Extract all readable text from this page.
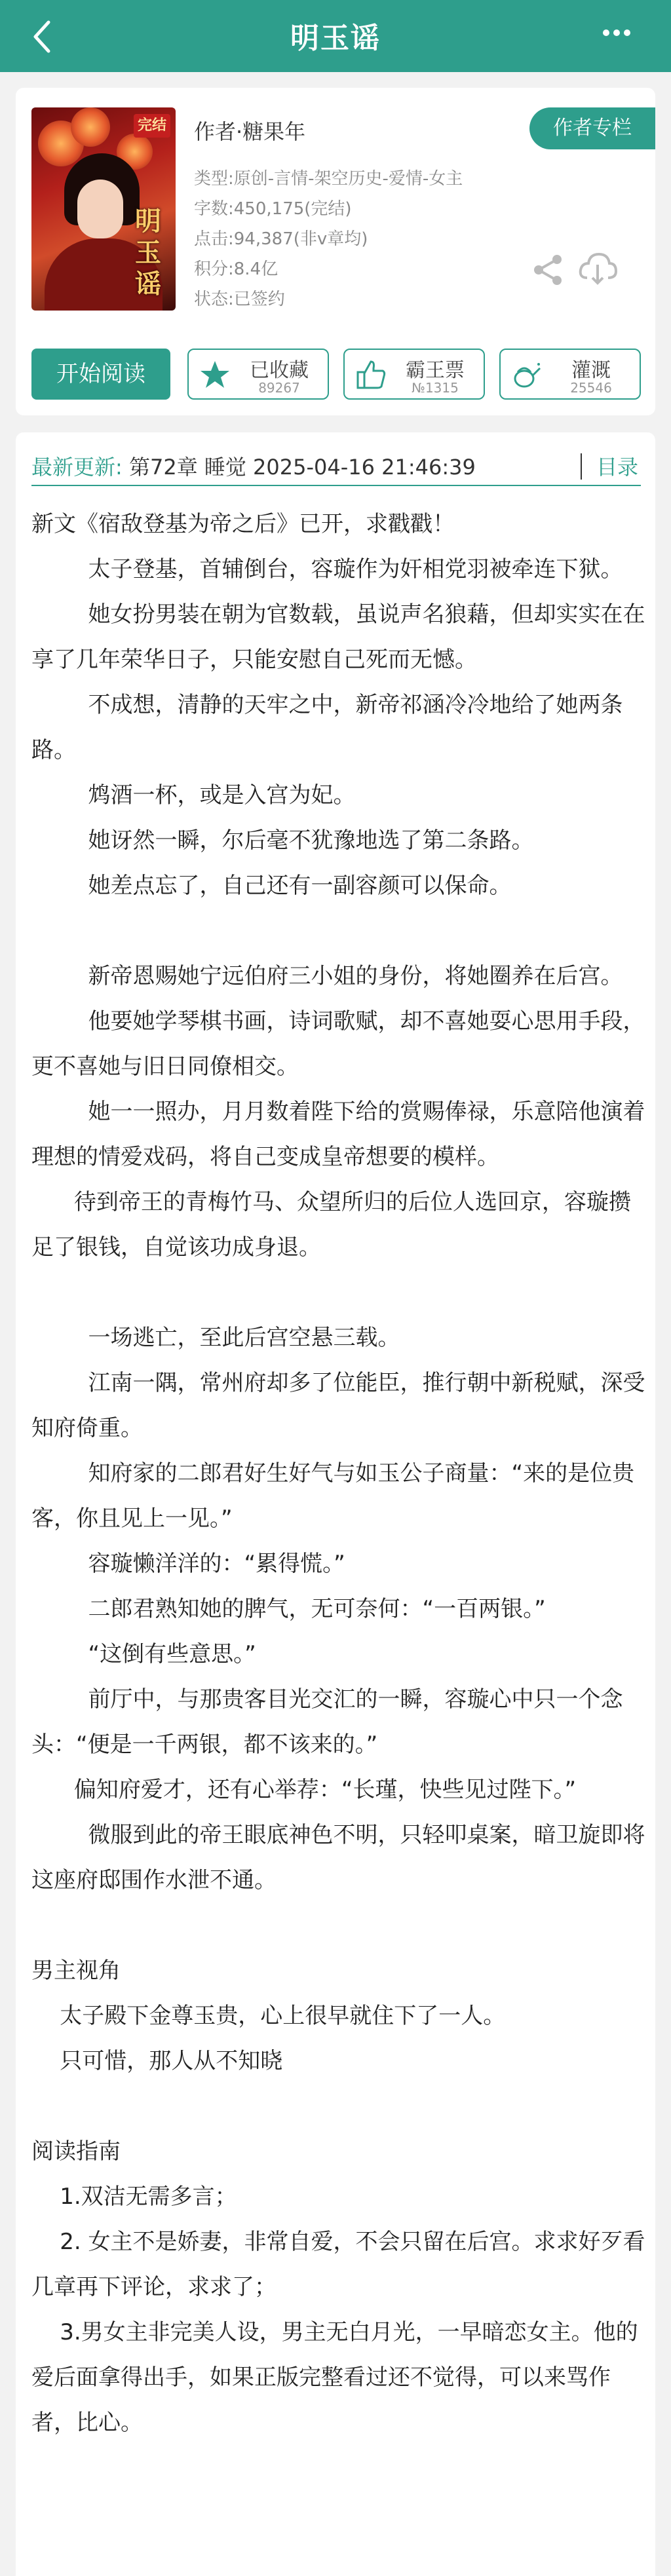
明玉谣
明玉谣
完结 作者·糖果年	作者专栏
类型:原创-言情-架空历史-爱情-女主
字数:450,175(完结)
点击:94,387(非v章均)
积分:8.4亿
状态:已签约
开始阅读	已收藏
89267
霸王票
№1315
灌溉
25546
最新更新: 第72章 睡觉 2025-04-16 21:46:39	目录

新文《宿敌登基为帝之后》已开，求戳戳！

太子登基，首辅倒台，容璇作为奸相党羽被牵连下狱。

她女扮男装在朝为官数载，虽说声名狼藉，但却实实在在享了几年荣华日子，只能安慰自己死而无憾。

不成想，清静的天牢之中，新帝祁涵冷冷地给了她两条路。

鸩酒一杯，或是入宫为妃。

她讶然一瞬，尔后毫不犹豫地选了第二条路。

她差点忘了，自己还有一副容颜可以保命。

新帝恩赐她宁远伯府三小姐的身份，将她圈养在后宫。

他要她学琴棋书画，诗词歌赋，却不喜她耍心思用手段，更不喜她与旧日同僚相交。

她一一照办，月月数着陛下给的赏赐俸禄，乐意陪他演着理想的情爱戏码，将自己变成皇帝想要的模样。

待到帝王的青梅竹马、众望所归的后位人选回京，容璇攒足了银钱，自觉该功成身退。

一场逃亡，至此后宫空悬三载。

江南一隅，常州府却多了位能臣，推行朝中新税赋，深受知府倚重。

知府家的二郎君好生好气与如玉公子商量：“来的是位贵客，你且见上一见。”

容璇懒洋洋的：“累得慌。”

二郎君熟知她的脾气，无可奈何：“一百两银。”

“这倒有些意思。”

前厅中，与那贵客目光交汇的一瞬，容璇心中只一个念头：“便是一千两银，都不该来的。”

偏知府爱才，还有心举荐：“长瑾，快些见过陛下。”

微服到此的帝王眼底神色不明，只轻叩桌案，暗卫旋即将这座府邸围作水泄不通。

男主视角

太子殿下金尊玉贵，心上很早就住下了一人。

只可惜，那人从不知晓

阅读指南

1.双洁无需多言；

2. 女主不是娇妻，非常自爱，不会只留在后宫。求求好歹看几章再下评论，求求了；

3.男女主非完美人设，男主无白月光，一早暗恋女主。他的爱后面拿得出手，如果正版完整看过还不觉得，可以来骂作者，比心。
